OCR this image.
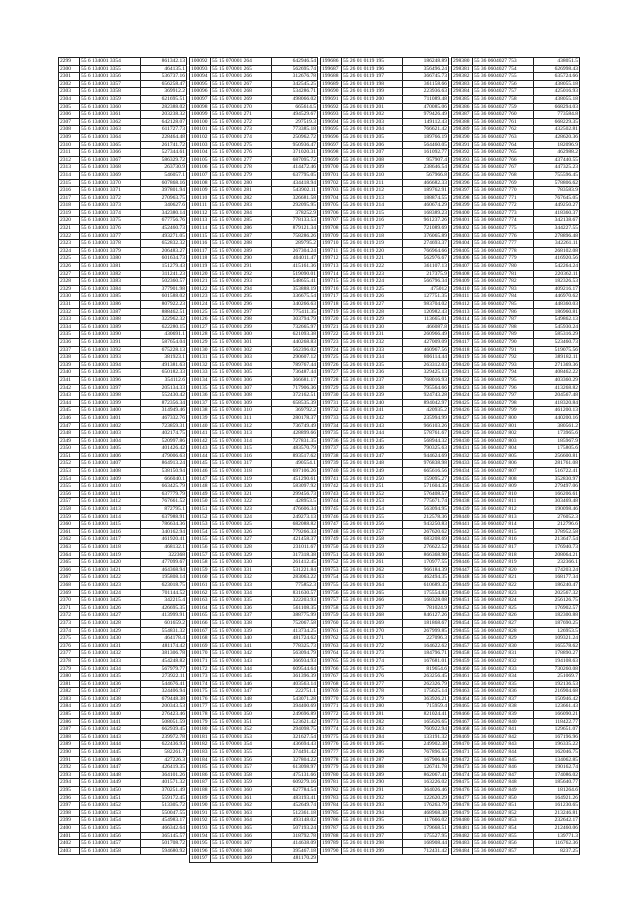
2299	55 6 134001 3354	861342.13
2300	55 6 134001 3355	464135.1
2301	55 6 134001 3356	536737.16
2302	55 6 134001 3357	656258.47
2303	55 6 134001 3358	369912.2
2304	55 6 134001 3359	621695.51
2305	55 6 134001 3360	282388.02
2306	55 6 134001 3361	203238.32
2307	55 6 134001 3362	642128.07
2308	55 6 134001 3363	611727.73
2309	55 6 134001 3364	228464.48
2310	55 6 134001 3365	261741.72
2311	55 6 134001 3366	527344.61
2312	55 6 134001 3367	586329.72
2313	55 6 134001 3368	263730.9
2314	55 6 134001 3369	546057.1
2315	55 6 134001 3370	607868.16
2316	55 6 134001 3371	397801.94
2317	55 6 134001 3372	270963.75
2318	55 6 134001 3373	340627.6
2319	55 6 134001 3374	342380.14
2320	55 6 134001 3375	677756.76
2321	55 6 134001 3376	452460.73
2322	55 6 134001 3377	493271.05
2323	55 6 134001 3378	652832.32
2324	55 6 134001 3379	206483.27
2325	55 6 134001 3380	601634.73
2326	55 6 134001 3381	151279.43
2327	55 6 134001 3382	311241.23
2328	55 6 134001 3383	502360.57
2329	55 6 134001 3384	377901.98
2330	55 6 134001 3385	601588.02
2331	55 6 134001 3386	807922.23
2332	55 6 134001 3387	888462.51
2333	55 6 134001 3388	322962.32
2334	55 6 134001 3389	622280.15
2335	55 6 134001 3390	430691.1
2336	55 6 134001 3391	587654.04
2337	55 6 134001 3392	675228.13
2338	55 6 134001 3393	381923.1
2339	55 6 134001 3394	491381.63
2340	55 6 134001 3395	650182.33
2341	55 6 134001 3396	354112.6
2342	55 6 134001 3397	205134.33
2343	55 6 134001 3398	552430.42
2344	55 6 134001 3399	872356.34
2345	55 6 134001 3400	314949.46
2346	55 6 134001 3401	467332.76
2347	55 6 134001 3402	723859.31
2348	55 6 134001 3403	402174.75
2349	55 6 134001 3404	520997.86
2350	55 6 134001 3405	401426.42
2351	55 6 134001 3406	479006.63
2352	55 6 134001 3407	864913.24
2353	55 6 134001 3408	538150.94
2354	55 6 134001 3409	666040.1
2355	55 6 134001 3410	663425.79
2356	55 6 134001 3411	637779.79
2357	55 6 134001 3412	767661.52
2358	55 6 134001 3413	872795.1
2359	55 6 134001 3414	637988.91
2360	55 6 134001 3415	786634.36
2361	55 6 134001 3416	340162.94
2362	55 6 134001 3417	461920.41
2363	55 6 134001 3418	468132.1
2364	55 6 134001 3419	322368
2365	55 6 134001 3420	477099.67
2366	55 6 134001 3421	464368.94
2367	55 6 134001 3422	195808.14
2368	55 6 134001 3423	623018.75
2369	55 6 134001 3424	701144.52
2370	55 6 134001 3425	342215.4
2371	55 6 134001 3426	426695.35
2372	55 6 134001 3427	413999.91
2373	55 6 134001 3428	601659.2
2374	55 6 134001 3429	554831.32
2375	55 6 134001 3430	464178.4
2376	55 6 134001 3431	481174.42
2377	55 6 134001 3432	381306.78
2378	55 6 134001 3433	454248.82
2379	55 6 134001 3434	567979.77
2380	55 6 134001 3435	273922.11
2381	55 6 134001 3436	544676.41
2382	55 6 134001 3437	324406.94
2383	55 6 134001 3438	679448.38
2384	55 6 134001 3439	200343.53
2385	55 6 134001 3440	276423.46
2386	55 6 134001 3441	508051.59
2387	55 6 134001 3442	662939.45
2388	55 6 134001 3443	239972.78
2389	55 6 134001 3444	622436.93
2390	55 6 134001 3445	582261.7
2391	55 6 134001 3446	427226.3
2392	55 6 134001 3447	426419.35
2393	55 6 134001 3448	364101.26
2394	55 6 134001 3449	401571.32
2395	55 6 134001 3450	370251.49
2396	55 6 134001 3451	559172.45
2397	55 6 134001 3452	513305.72
2398	55 6 134001 3453	550047.55
2399	55 6 134001 3454	454983.17
2400	55 6 134001 3455	466342.64
2401	55 6 134001 3456	365145.57
2402	55 6 134001 3457	501708.72
2403	55 6 134001 3458	594680.92
100092	55 15 070001 264	642946.54
100093	55 15 070001 265	562695.74
100094	55 15 070001 266	312676.78
100095	55 15 070001 267	342545.25
100096	55 15 070001 268	534286.71
100097	55 15 070001 269	498066.02
100098	55 15 070001 270	665614.5
100099	55 15 070001 271	494529.67
100100	55 15 070001 272	297519.3
100101	55 15 070001 273	773385.18
100102	55 15 070001 274	250962.72
100103	55 15 070001 275	950936.47
100104	55 15 070001 276	371020.31
100105	55 15 070001 277	687095.72
100106	55 15 070001 278	414472.46
100107	55 15 070001 279	637795.05
100108	55 15 070001 280	434418.94
100109	55 15 070001 281	543902.11
100110	55 15 070001 282	326681.58
100111	55 15 070001 283	292095.95
100112	55 15 070001 284	378252.9
100113	55 15 070001 285	778133.53
100114	55 15 070001 286	879121.34
100115	55 15 070001 287	758286.26
100116	55 15 070001 288	289795.2
100117	55 15 070001 289	267304.24
100118	55 15 070001 290	404011.47
100119	55 15 070001 291	415161.36
100120	55 15 070001 292	519090.01
100121	55 15 070001 293	548655.41
100122	55 15 070001 294	353888.19
100123	55 15 070001 295	336675.54
100124	55 15 070001 296	340266.63
100125	55 15 070001 297	775411.35
100126	55 15 070001 298	303794.79
100127	55 15 070001 299	732665.97
100128	55 15 070001 300	621093.38
100129	55 15 070001 301	440268.83
100130	55 15 070001 302	562396.02
100131	55 15 070001 303	290607.12
100132	55 15 070001 304	789767.44
100133	55 15 070001 305	736487.44
100134	55 15 070001 306	366681.17
100135	55 15 070001 307	717906.36
100136	55 15 070001 308	372162.51
100137	55 15 070001 309	658535.39
100138	55 15 070001 310	369792.2
100139	55 15 070001 311	280178.37
100140	55 15 070001 312	736749.49
100141	55 15 070001 313	428899.66
100142	55 15 070001 314	727831.35
100143	55 15 070001 315	483570.79
100144	55 15 070001 316	893517.62
100145	55 15 070001 317	490554.1
100146	55 15 070001 318	697106.26
100147	55 15 070001 319	451290.61
100148	55 15 070001 320	583097.92
100149	55 15 070001 321	299456.73
100150	55 15 070001 322	428953.5
100151	55 15 070001 323	476606.34
100152	55 15 070001 324	249273.13
100153	55 15 070001 325	682088.82
100154	55 15 070001 326	779266.33
100155	55 15 070001 327	421458.37
100156	55 15 070001 328	231011.67
100157	55 15 070001 329	317318.38
100158	55 15 070001 330	261412.45
100159	55 15 070001 331	531221.84
100160	55 15 070001 332	283063.22
100161	55 15 070001 333	775852.3
100162	55 15 070001 334	831630.57
100163	55 15 070001 335	322203.93
100164	55 15 070001 336	561108.35
100165	55 15 070001 337	388775.99
100166	55 15 070001 338	752067.58
100167	55 15 070001 339	413734.25
100168	55 15 070001 340	481724.62
100169	55 15 070001 341	778325.73
100170	55 15 070001 342	563094.79
100171	55 15 070001 343	366934.93
100172	55 15 070001 344	609544.64
100173	55 15 070001 345	361396.39
100174	55 15 070001 346	403563.14
100175	55 15 070001 347	222751.1
100176	55 15 070001 348	543071.28
100177	55 15 070001 349	394400.69
100178	55 15 070001 350	249696.89
100179	55 15 070001 351	523621.42
100180	55 15 070001 352	294098.75
100181	55 15 070001 353	321627.54
100182	55 15 070001 354	436694.43
100183	55 15 070001 355	374491.42
100184	55 15 070001 356	327804.22
100185	55 15 070001 357	613098.97
100186	55 15 070001 358	475131.66
100187	55 15 070001 359	609279.16
100188	55 15 070001 360	627784.54
100189	55 15 070001 361	483193.41
100190	55 15 070001 362	452649.74
100191	55 15 070001 363	512361.18
100192	55 15 070001 364	493148.02
100193	55 15 070001 365	507193.24
100194	55 15 070001 366	318792.78
100195	55 15 070001 367	414638.09
100196	55 15 070001 368	395467.18
100197	55 15 070001 369	481170.29
199686	55 26 01 0119 195	186248.89
199687	55 26 01 0119 196	356496.24
199688	55 26 01 0119 197	366745.73
199689	55 26 01 0119 198	361158.66
199690	55 26 01 0119 199	223936.63
199691	55 26 01 0119 200	711089.48
199692	55 26 01 0119 201	470085.06
199693	55 26 01 0119 202	979426.49
199694	55 26 01 0119 203	149112.43
199695	55 26 01 0119 204	766621.42
199696	55 26 01 0119 205	189766.19
199697	55 26 01 0119 206	564460.05
199698	55 26 01 0119 207	161092.77
199699	55 26 01 0119 208	957907.4
199700	55 26 01 0119 209	238646.54
199701	55 26 01 0119 210	567966.8
199702	55 26 01 0119 211	466682.33
199703	55 26 01 0119 212	189762.91
199704	55 26 01 0119 213	188874.55
199705	55 26 01 0119 214	460674.29
199706	55 26 01 0119 215	168389.23
199707	55 26 01 0119 216	961237.26
199708	55 26 01 0119 217	721089.69
199709	55 26 01 0119 218	376065.89
199710	55 26 01 0119 219	274693.37
199711	55 26 01 0119 220	766964.66
199712	55 26 01 0119 221	562976.67
199713	55 26 01 0119 222	361107.13
199714	55 26 01 0119 223	217375.9
199715	55 26 01 0119 224	566796.34
199716	55 26 01 0119 225	475012
199717	55 26 01 0119 226	127751.35
199718	55 26 01 0119 227	983704.02
199719	55 26 01 0119 228	120982.43
199720	55 26 01 0119 229	113665.01
199721	55 26 01 0119 230	466087.8
199722	55 26 01 0119 231	260966.49
199723	55 26 01 0119 232	427009.09
199724	55 26 01 0119 233	460967.56
199725	55 26 01 0119 234	806114.44
199726	55 26 01 0119 235	263312.03
199727	55 26 01 0119 236	329425.13
199728	55 26 01 0119 237	768016.93
199729	55 26 01 0119 238	795564.66
199730	55 26 01 0119 239	924743.28
199731	55 26 01 0119 240	894042.97
199732	55 26 01 0119 241	420935.2
199733	55 26 01 0119 242	235994.99
199734	55 26 01 0119 243	966103.26
199735	55 26 01 0119 244	578761.67
199736	55 26 01 0119 245	568944.32
199737	55 26 01 0119 246	790325.63
199738	55 26 01 0119 247	944624.69
199739	55 26 01 0119 248	976838.98
199740	55 26 01 0119 249	665616.56
199741	55 26 01 0119 250	159095.27
199742	55 26 01 0119 251	571604.35
199743	55 26 01 0119 252	576408.57
199744	55 26 01 0119 253	775671.74
199745	55 26 01 0119 254	563094.95
199746	55 26 01 0119 255	212578.36
199747	55 26 01 0119 256	943250.83
199748	55 26 01 0119 257	267620.62
199749	55 26 01 0119 258	683208.69
199750	55 26 01 0119 259	276622.52
199751	55 26 01 0119 260	866368.98
199752	55 26 01 0119 261	170977.55
199753	55 26 01 0119 262	966184.39
199754	55 26 01 0119 263	462494.35
199755	55 26 01 0119 264	610689.35
199756	55 26 01 0119 265	175554.83
199757	55 26 01 0119 266	168328.08
199758	55 26 01 0119 267	781024.9
199759	55 26 01 0119 268	846127.26
199760	55 26 01 0119 269	181868.67
199761	55 26 01 0119 270	267999.85
199762	55 26 01 0119 271	227096.3
199763	55 26 01 0119 272	164622.62
199764	55 26 01 0119 273	184796.71
199765	55 26 01 0119 274	167681.01
199766	55 26 01 0119 275	819654.6
199767	55 26 01 0119 276	263256.45
199768	55 26 01 0119 277	262326.79
199769	55 26 01 0119 278	175625.14
199770	55 26 01 0119 279	363926.21
199771	55 26 01 0119 280	715959.4
199772	55 26 01 0119 281	821024.41
199773	55 26 01 0119 282	165626.65
199774	55 26 01 0119 283	760922.94
199775	55 26 01 0119 284	133191.32
199776	55 26 01 0119 285	249902.38
199777	55 26 01 0119 286	767896.55
199778	55 26 01 0119 287	167906.84
199779	55 26 01 0119 288	126741.78
199780	55 26 01 0119 289	862067.41
199781	55 26 01 0119 290	163226.02
199782	55 26 01 0119 291	364026.46
199783	55 26 01 0119 292	122620.29
199784	55 26 01 0119 293	176263.79
199785	55 26 01 0119 294	468968.38
199786	55 26 01 0119 295	117666.02
199787	55 26 01 0119 296	179668.51
199788	55 26 01 0119 297	175527.95
199789	55 26 01 0119 298	168908.44
199790	55 26 01 0119 299	712431.42
298380	55 36 0604027 753	438051.5
298381	55 36 0604027 754	626998.43
298382	55 36 0604027 755	635724.66
298383	55 36 0604027 756	438055.18
298384	55 36 0604027 757	425016.93
298385	55 36 0604027 758	438055.18
298386	55 36 0604027 759	668294.03
298387	55 36 0604027 760	773584.8
298388	55 36 0604027 761	668229.35
298389	55 36 0604027 762	432502.81
298390	55 36 0604027 763	428620.36
298391	55 36 0604027 764	182096.9
298392	55 36 0604027 765	462988.2
298393	55 36 0604027 766	437440.55
298394	55 36 0604027 767	447325.23
298395	55 36 0604027 768	755596.45
298396	55 36 0604027 769	578806.62
298397	55 36 0604027 770	783583.9
298398	55 36 0604027 771	767645.05
298399	55 36 0604027 772	449250.27
298400	55 36 0604027 773	418360.37
298401	55 36 0604027 774	342138.67
298402	55 36 0604027 775	344227.55
298403	55 36 0604027 776	278896.48
298404	55 36 0604027 777	342261.11
298405	55 36 0604027 778	268102.08
298406	55 36 0604027 779	416920.56
298407	55 36 0604027 780	542264.24
298408	55 36 0604027 781	220362.11
298409	55 36 0604027 782	182326.53
298410	55 36 0604027 783	409216.17
298411	55 36 0604027 784	446970.62
298412	55 36 0604027 785	448360.03
298413	55 36 0604027 786	186960.81
298414	55 36 0604027 787	549862.13
298415	55 36 0604027 788	545930.24
298416	55 36 0604027 789	585316.29
298417	55 36 0604027 790	523460.73
298418	55 36 0604027 791	519075.56
298419	55 36 0604027 792	389182.11
298420	55 36 0604027 793	271369.36
298421	55 36 0604027 794	408462.22
298422	55 36 0604027 795	403360.29
298423	55 36 0604027 796	413268.82
298424	55 36 0604027 797	204567.48
298425	55 36 0604027 798	418320.84
298426	55 36 0604027 799	461200.13
298427	55 36 0604027 800	440200.16
298428	55 36 0604027 801	380561.2
298429	55 36 0604027 802	173965.6
298430	55 36 0604027 803	185967.9
298431	55 36 0604027 804	175805.6
298432	55 36 0604027 805	256600.81
298433	55 36 0604027 806	281761.08
298434	55 36 0604027 807	516722.41
298435	55 36 0604027 808	352830.97
298436	55 36 0604027 809	279497.06
298437	55 36 0604027 810	166206.61
298438	55 36 0604027 811	303469.48
298439	55 36 0604027 812	190098.46
298440	55 36 0604027 813	276052.3
298441	55 36 0604027 814	212796.6
298442	55 36 0604027 815	378952.58
298443	55 36 0604027 816	213647.54
298444	55 36 0604027 817	176940.73
298445	55 36 0604027 818	208064.21
298446	55 36 0604027 819	232366.1
298447	55 36 0604027 820	174203.24
298448	55 36 0604027 821	168177.34
298449	55 36 0604027 822	186240.47
298450	55 36 0604027 823	202567.32
298451	55 36 0604027 824	256126.75
298452	55 36 0604027 825	176902.57
298453	55 36 0604027 826	182300.88
298454	55 36 0604027 827	187690.25
298455	55 36 0604027 828	126953.5
298456	55 36 0604027 829	109321.24
298457	55 36 0604027 830	165578.62
298458	55 36 0604027 831	178890.27
298459	55 36 0604027 832	194108.63
298460	55 36 0604027 833	730260.08
298461	55 36 0604027 834	251069.7
298462	55 36 0604027 835	192136.53
298463	55 36 0604027 836	216904.68
298464	55 36 0604027 837	150946.42
298465	55 36 0604027 838	123661.43
298466	55 36 0604027 839	166090.21
298467	55 36 0604027 840	118422.77
298468	55 36 0604027 841	129651.07
298469	55 36 0604027 842	167196.96
298470	55 36 0604027 843	196335.22
298471	55 36 0604027 844	162046.75
298472	55 36 0604027 845	134062.85
298473	55 36 0604027 846	190162.74
298474	55 36 0604027 847	174086.02
298475	55 36 0604027 848	185640.77
298476	55 36 0604027 849	181264.6
298477	55 36 0604027 850	164921.26
298478	55 36 0604027 851	161230.65
298479	55 36 0604027 852	213246.81
298480	55 36 0604027 853	232642.17
298481	55 36 0604027 854	212460.06
298482	55 36 0604027 855	139771.3
298483	55 36 0604027 856	116762.36
298484	55 36 0604027 857	8237.25
